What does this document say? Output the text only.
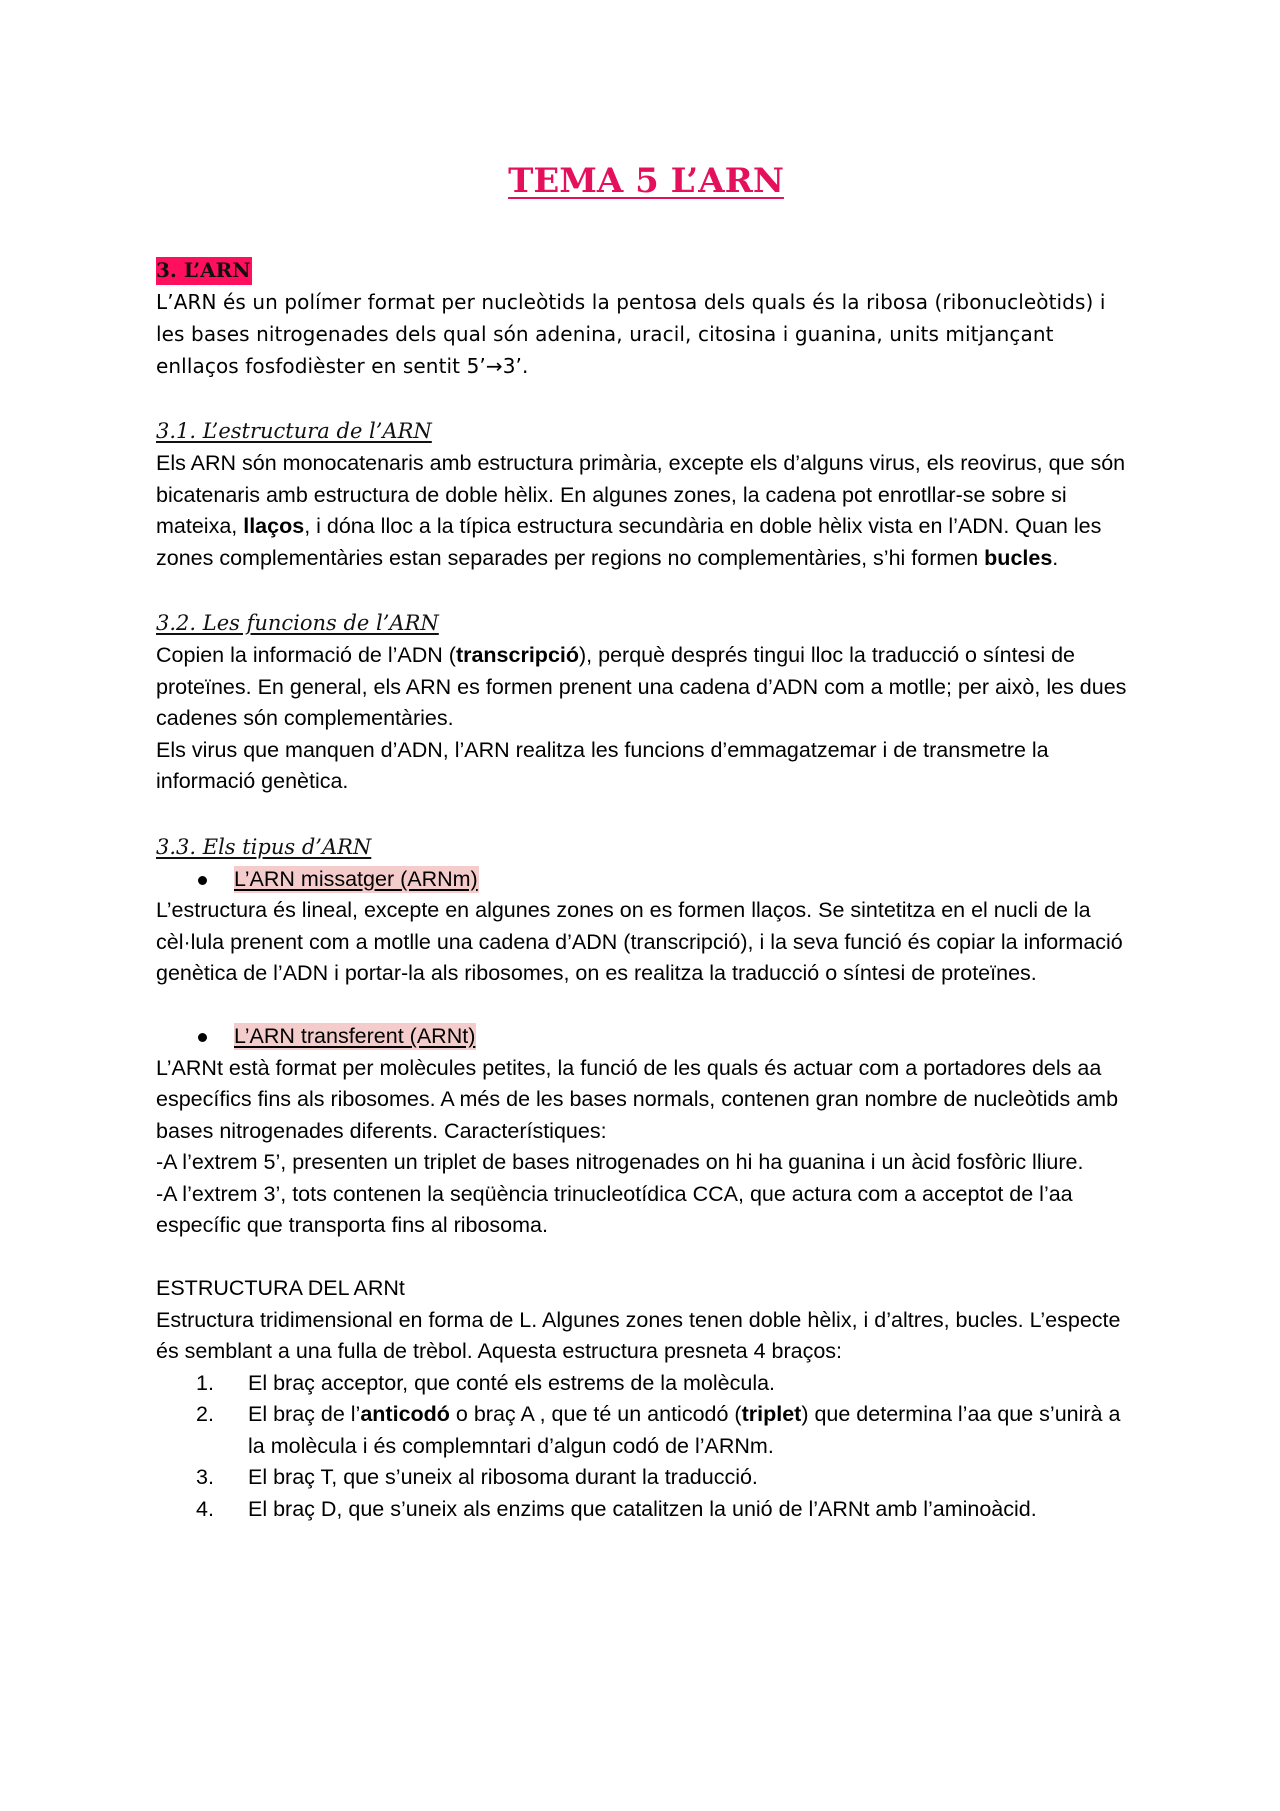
TEMA 5 L’ARN
3. L’ARN

L’ARN és un polímer format per nucleòtids la pentosa dels quals és la ribosa (ribonucleòtids) i les bases nitrogenades dels qual són adenina, uracil, citosina i guanina, units mitjançant enllaços fosfodièster en sentit 5’→3’.

3.1. L’estructura de l’ARN

Els ARN són monocatenaris amb estructura primària, excepte els d’alguns virus, els reovirus, que són bicatenaris amb estructura de doble hèlix. En algunes zones, la cadena pot enrotllar-se sobre si mateixa, llaços, i dóna lloc a la típica estructura secundària en doble hèlix vista en l’ADN. Quan les zones complementàries estan separades per regions no complementàries, s’hi formen bucles.

3.2. Les funcions de l’ARN

Copien la informació de l’ADN (transcripció), perquè després tingui lloc la traducció o síntesi de proteïnes. En general, els ARN es formen prenent una cadena d’ADN com a motlle; per això, les dues cadenes són complementàries.

Els virus que manquen d’ADN, l’ARN realitza les funcions d’emmagatzemar i de transmetre la informació genètica.

3.3. Els tipus d’ARN
L’ARN missatger (ARNm)

L’estructura és lineal, excepte en algunes zones on es formen llaços. Se sintetitza en el nucli de la cèl·lula prenent com a motlle una cadena d’ADN (transcripció), i la seva funció és copiar la informació genètica de l’ADN i portar-la als ribosomes, on es realitza la traducció o síntesi de proteïnes.

L’ARN transferent (ARNt)

L’ARNt està format per molècules petites, la funció de les quals és actuar com a portadores dels aa específics fins als ribosomes. A més de les bases normals, contenen gran nombre de nucleòtids amb bases nitrogenades diferents. Característiques:

-A l’extrem 5’, presenten un triplet de bases nitrogenades on hi ha guanina i un àcid fosfòric lliure.

-A l’extrem 3’, tots contenen la seqüència trinucleotídica CCA, que actura com a acceptot de l’aa específic que transporta fins al ribosoma.

ESTRUCTURA DEL ARNt

Estructura tridimensional en forma de L. Algunes zones tenen doble hèlix, i d’altres, bucles. L’especte és semblant a una fulla de trèbol. Aquesta estructura presneta 4 braços:

1. El braç acceptor, que conté els estrems de la molècula.
2. El braç de l’anticodó o braç A , que té un anticodó (triplet) que determina l’aa que s’unirà a la molècula i és complemntari d’algun codó de l’ARNm.
3. El braç T, que s’uneix al ribosoma durant la traducció.
4. El braç D, que s’uneix als enzims que catalitzen la unió de l’ARNt amb l’aminoàcid.
